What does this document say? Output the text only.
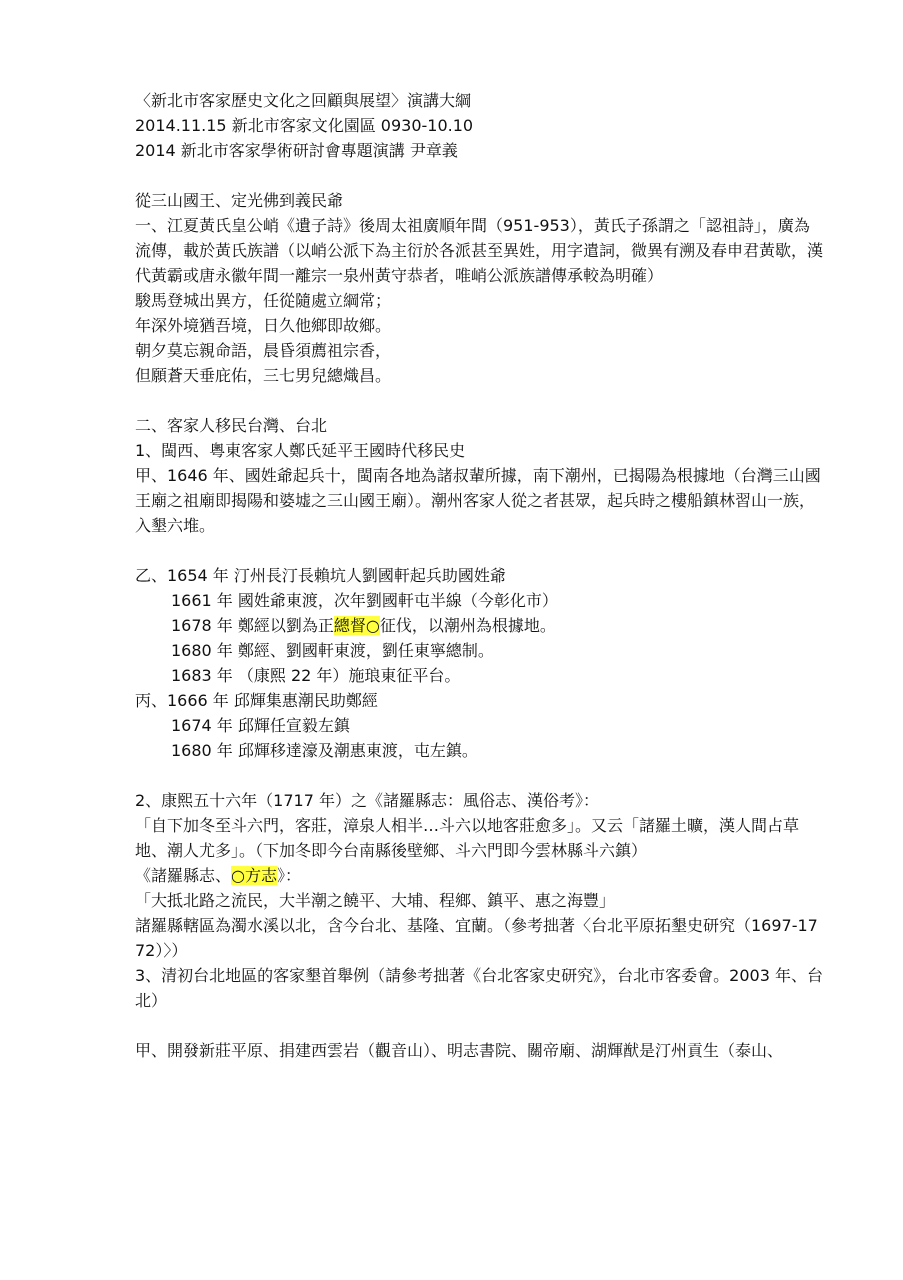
〈新北市客家歷史文化之回顧與展望〉演講大綱
2014.11.15 新北市客家文化園區 0930-10.10
2014 新北市客家學術研討會專題演講 尹章義
從三山國王、定光佛到義民爺
一、江夏黃氏皇公峭《遺子詩》後周太祖廣順年間（951-953），黃氏子孫謂之「認祖詩」，廣為流傳，載於黃氏族譜（以峭公派下為主衍於各派甚至異姓，用字遣詞，微異有溯及春申君黃歇，漢代黃霸或唐永徽年間一離宗一泉州黃守恭者，唯峭公派族譜傳承較為明確）
駿馬登城出異方，任從隨處立綱常；
年深外境猶吾境，日久他鄉即故鄉。
朝夕莫忘親命語，晨昏須薦祖宗香，
但願蒼天垂庇佑，三七男兒總熾昌。
二、客家人移民台灣、台北
1、閩西、粵東客家人鄭氏延平王國時代移民史
甲、1646 年、國姓爺起兵十，閩南各地為諸叔輩所據，南下潮州，已揭陽為根據地（台灣三山國王廟之祖廟即揭陽和婆墟之三山國王廟）。潮州客家人從之者甚眾，起兵時之樓船鎮林習山一族，入墾六堆。
乙、1654 年 汀州長汀長賴坑人劉國軒起兵助國姓爺
1661 年 國姓爺東渡，次年劉國軒屯半線（今彰化市）
1678 年 鄭經以劉為正總督○征伐，以潮州為根據地。
1680 年 鄭經、劉國軒東渡，劉任東寧總制。
1683 年 （康熙 22 年）施琅東征平台。
丙、1666 年 邱輝集惠潮民助鄭經
1674 年 邱輝任宣毅左鎮
1680 年 邱輝移達濠及潮惠東渡，屯左鎮。
2、康熙五十六年（1717 年）之《諸羅縣志：風俗志、漢俗考》：
「自下加冬至斗六門，客莊，漳泉人相半…斗六以地客莊愈多」。又云「諸羅土曠，漢人間占草地、潮人尤多」。（下加冬即今台南縣後壁鄉、斗六門即今雲林縣斗六鎮）
《諸羅縣志、○方志》：
「大抵北路之流民，大半潮之饒平、大埔、程鄉、鎮平、惠之海豐」
諸羅縣轄區為濁水溪以北，含今台北、基隆、宜蘭。（參考拙著〈台北平原拓墾史研究（1697-1772）〉）
3、清初台北地區的客家墾首舉例（請參考拙著《台北客家史研究》，台北市客委會。2003 年、台北）
甲、開發新莊平原、捐建西雲岩（觀音山）、明志書院、關帝廟、湖輝猷是汀州貢生（泰山、
